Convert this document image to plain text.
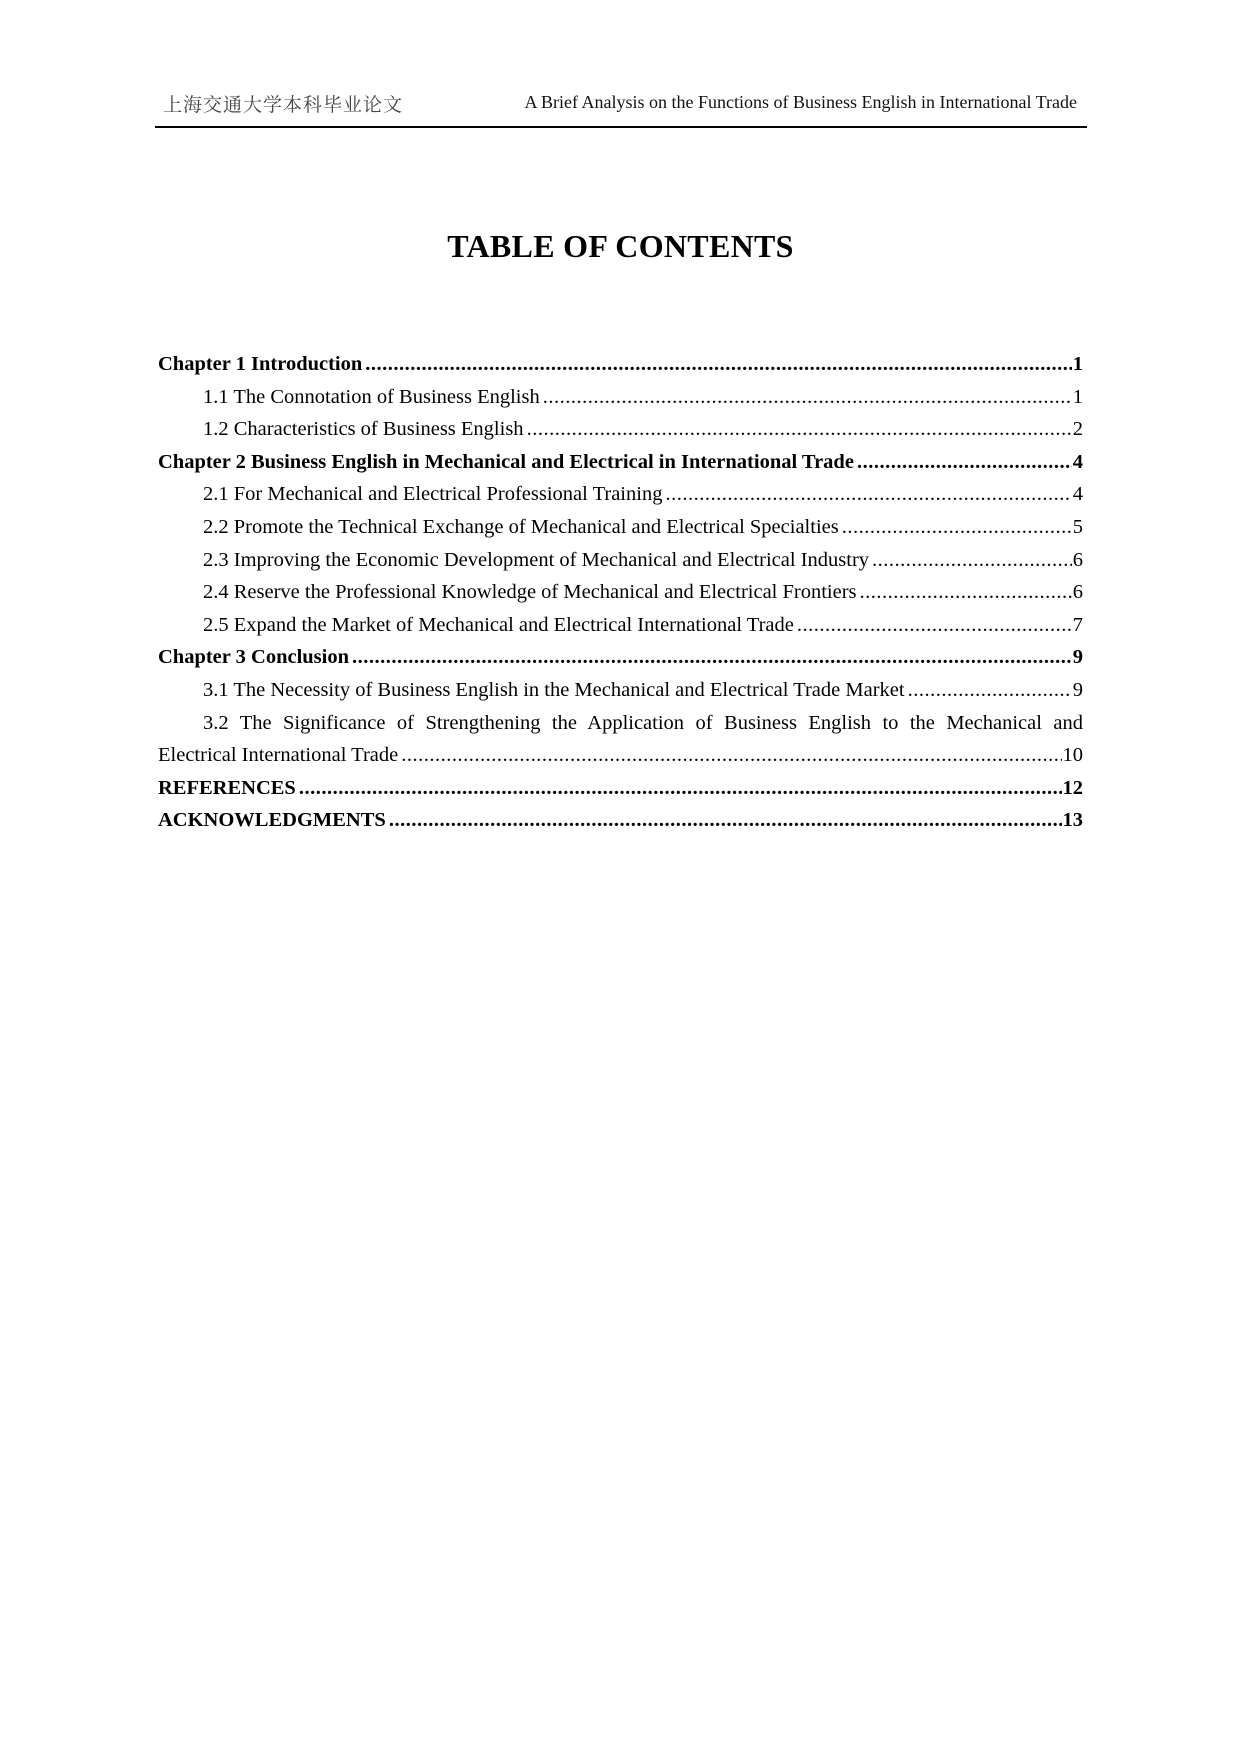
上海交通大学本科毕业论文	A Brief Analysis on the Functions of Business English in International Trade
TABLE OF CONTENTS
Chapter 1 Introduction .....	1
1.1 The Connotation of Business English .....	1
1.2 Characteristics of Business English .....	2
Chapter 2 Business English in Mechanical and Electrical in International Trade .....	4
2.1 For Mechanical and Electrical Professional Training .....	4
2.2 Promote the Technical Exchange of Mechanical and Electrical Specialties .....	5
2.3 Improving the Economic Development of Mechanical and Electrical Industry .....	6
2.4 Reserve the Professional Knowledge of Mechanical and Electrical Frontiers .....	6
2.5 Expand the Market of Mechanical and Electrical International Trade .....	7
Chapter 3 Conclusion .....	9
3.1 The Necessity of Business English in the Mechanical and Electrical Trade Market .....	9
3.2 The Significance of Strengthening the Application of Business English to the Mechanical and
Electrical International Trade .....	10
REFERENCES .....	12
ACKNOWLEDGMENTS .....	13
